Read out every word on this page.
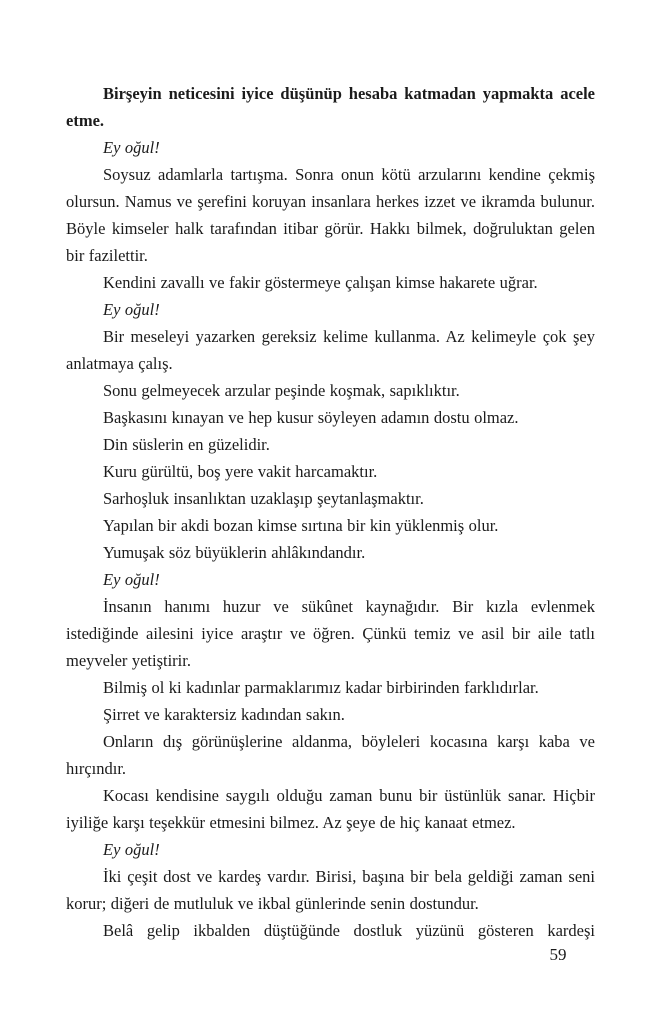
Birşeyin neticesini iyice düşünüp hesaba katmadan yapmakta acele etme.

Ey oğul!

Soysuz adamlarla tartışma. Sonra onun kötü arzularını kendine çekmiş olursun. Namus ve şerefini koruyan insanlara herkes izzet ve ikramda bulunur. Böyle kimseler halk tarafından itibar görür. Hakkı bilmek, doğruluktan gelen bir fazilettir.

Kendini zavallı ve fakir göstermeye çalışan kimse hakarete uğrar.

Ey oğul!

Bir meseleyi yazarken gereksiz kelime kullanma. Az kelimeyle çok şey anlatmaya çalış.

Sonu gelmeyecek arzular peşinde koşmak, sapıklıktır.

Başkasını kınayan ve hep kusur söyleyen adamın dostu olmaz.

Din süslerin en güzelidir.

Kuru gürültü, boş yere vakit harcamaktır.

Sarhoşluk insanlıktan uzaklaşıp şeytanlaşmaktır.

Yapılan bir akdi bozan kimse sırtına bir kin yüklenmiş olur.

Yumuşak söz büyüklerin ahlâkındandır.

Ey oğul!

İnsanın hanımı huzur ve sükûnet kaynağıdır. Bir kızla evlenmek istediğinde ailesini iyice araştır ve öğren. Çünkü temiz ve asil bir aile tatlı meyveler yetiştirir.

Bilmiş ol ki kadınlar parmaklarımız kadar birbirinden farklıdırlar.

Şirret ve karaktersiz kadından sakın.

Onların dış görünüşlerine aldanma, böyleleri kocasına karşı kaba ve hırçındır.

Kocası kendisine saygılı olduğu zaman bunu bir üstünlük sanar. Hiçbir iyiliğe karşı teşekkür etmesini bilmez. Az şeye de hiç kanaat etmez.

Ey oğul!

İki çeşit dost ve kardeş vardır. Birisi, başına bir bela geldiği zaman seni korur; diğeri de mutluluk ve ikbal günlerinde senin dostundur.

Belâ gelip ikbalden düştüğünde dostluk yüzünü gösteren kardeşi

59
